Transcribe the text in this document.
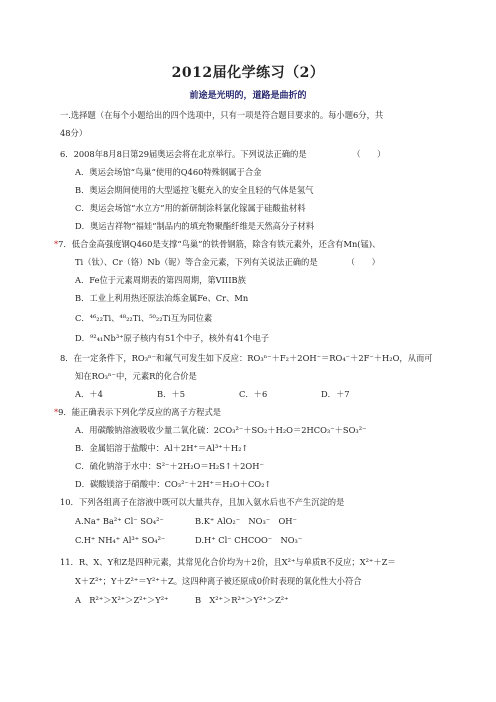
2012届化学练习（2）
前途是光明的，道路是曲折的
一.选择题（在每个小题给出的四个选项中，只有一项是符合题目要求的。每小题6分，共
48分）
6．2008年8月8日第29届奥运会将在北京举行。下列说法正确的是　　　　　　（　　）
A．奥运会场馆“鸟巢”使用的Q460特殊钢属于合金
B．奥运会期间使用的大型遥控飞艇充入的安全且轻的气体是氢气
C．奥运会场馆“水立方”用的新研制涂料氯化镓属于硅酸盐材料
D．奥运吉祥物“福娃”制品内的填充物聚酯纤维是天然高分子材料
*7．低合金高强度钢Q460是支撑“鸟巢”的铁骨钢筋，除含有铁元素外，还含有Mn(锰)、
Ti（钛）、Cr（铬）Nb（铌）等合金元素，下列有关说法正确的是　　　　（　　）
A．Fe位于元素周期表的第四周期，第VIIIB族
B．工业上利用热还原法冶炼金属Fe、Cr、Mn
C．⁴⁶₂₂Ti、⁴⁸₂₂Ti、⁵⁰₂₂Ti互为同位素
D．⁹²₄₁Nb³⁺原子核内有51个中子，核外有41个电子
8．在一定条件下，RO₃ⁿ⁻和氟气可发生如下反应：RO₃ⁿ⁻＋F₂＋2OH⁻＝RO₄⁻＋2F⁻＋H₂O，从而可
知在RO₃ⁿ⁻中，元素R的化合价是
A．＋4	B．＋5	C．＋6	D．＋7
*9．能正确表示下列化学反应的离子方程式是
A．用碳酸钠溶液吸收少量二氧化硫：2CO₃²⁻＋SO₂＋H₂O＝2HCO₃⁻＋SO₃²⁻
B．金属铝溶于盐酸中：Al＋2H⁺＝Al³⁺＋H₂↑
C．硫化钠溶于水中：S²⁻＋2H₂O＝H₂S↑＋2OH⁻
D．碳酸镁溶于硝酸中：CO₃²⁻＋2H⁺＝H₂O＋CO₂↑
10．下列各组离子在溶液中既可以大量共存，且加入氨水后也不产生沉淀的是
A.Na⁺ Ba²⁺ Cl⁻ SO₄²⁻	B.K⁺ AlO₂⁻　NO₃⁻　OH⁻
C.H⁺ NH₄⁺ Al³⁺ SO₄²⁻	D.H⁺ Cl⁻ CHCOO⁻　NO₃⁻
11．R、X、Y和Z是四种元素，其常见化合价均为＋2价，且X²⁺与单质R不反应；X²⁺＋Z＝
X＋Z²⁺；Y＋Z²⁺＝Y²⁺＋Z。这四种离子被还原成0价时表现的氧化性大小符合
A　R²⁺＞X²⁺＞Z²⁺＞Y²⁺	B　X²⁺＞R²⁺＞Y²⁺＞Z²⁺
